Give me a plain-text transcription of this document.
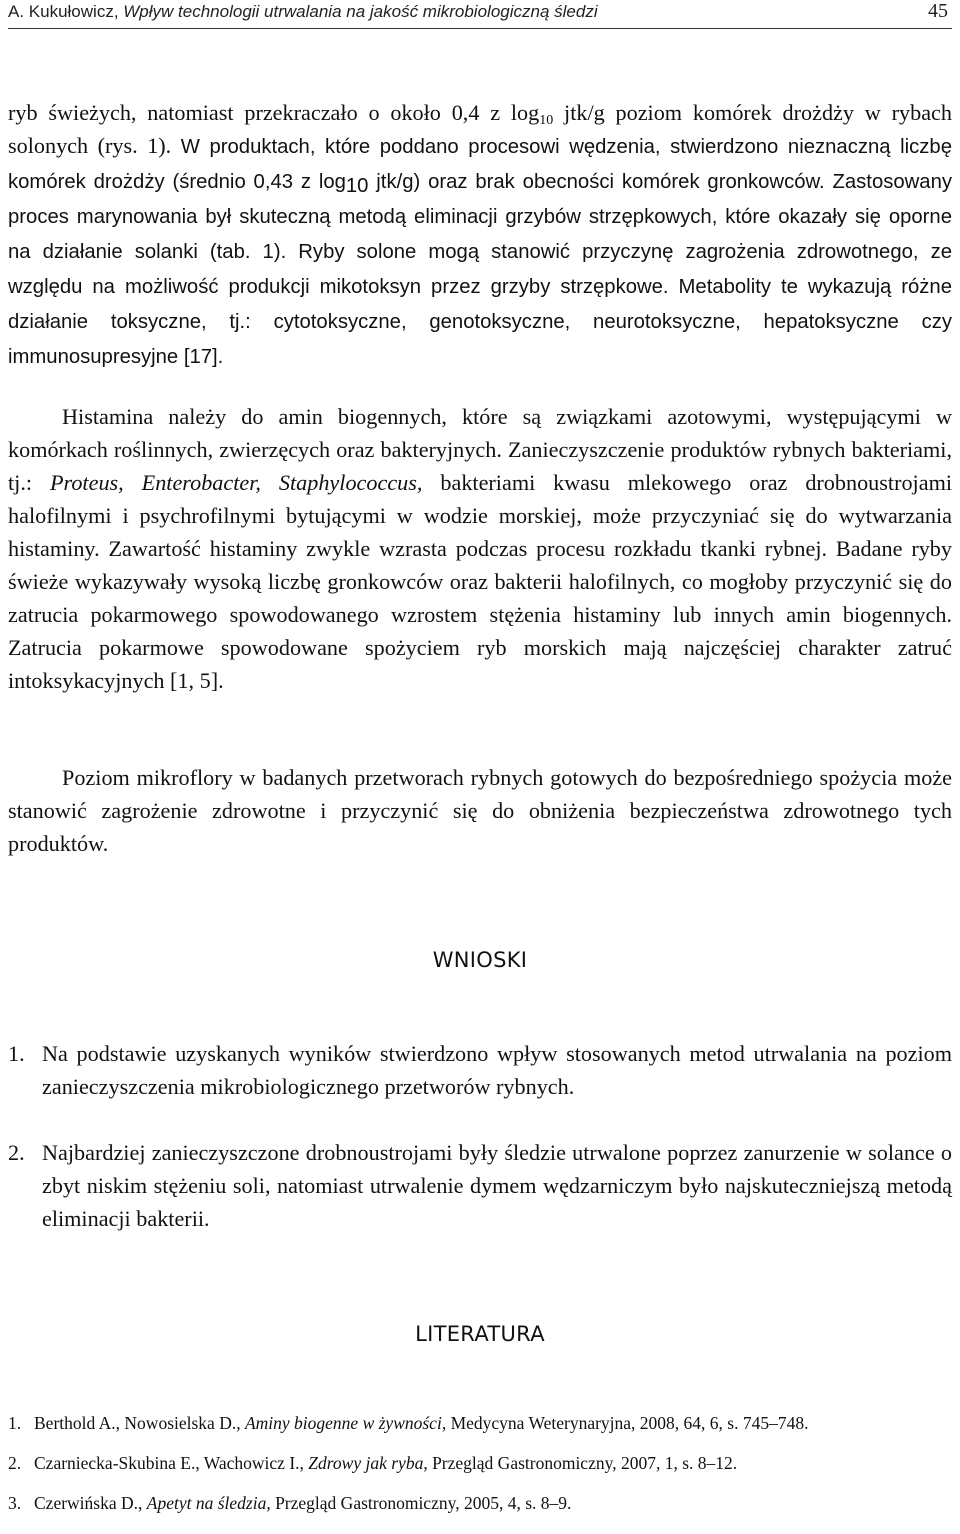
A. Kukułowicz, Wpływ technologii utrwalania na jakość mikrobiologiczną śledzi	45

ryb świeżych, natomiast przekraczało o około 0,4 z $\log_{10} jtk/g$ poziom komórek drożdży w rybach solonych (rys. 1). W produktach, które poddano procesowi wędzenia, stwierdzono nieznaczną liczbę komórek drożdży (średnio 0,43 z $\log_{10} jtk/g$) oraz brak obecności komórek gronkowców. Zastosowany proces marynowania był skuteczną metodą eliminacji grzybów strzępkowych, które okazały się oporne na działanie solanki (tab. 1). Ryby solone mogą stanowić przyczynę zagrożenia zdrowotnego, ze względu na możliwość produkcji mikotoksyn przez grzyby strzępkowe. Metabolity te wykazują różne działanie toksyczne, tj.: cytotoksyczne, genotoksyczne, neurotoksyczne, hepatoksyczne czy immunosupresyjne [17].

Histamina należy do amin biogennych, które są związkami azotowymi, występującymi w komórkach roślinnych, zwierzęcych oraz bakteryjnych. Zanieczyszczenie produktów rybnych bakteriami, tj.: Proteus, Enterobacter, Staphylococcus, bakteriami kwasu mlekowego oraz drobnoustrojami halofilnymi i psychrofilnymi bytującymi w wodzie morskiej, może przyczyniać się do wytwarzania histaminy. Zawartość histaminy zwykle wzrasta podczas procesu rozkładu tkanki rybnej. Badane ryby świeże wykazywały wysoką liczbę gronkowców oraz bakterii halofilnych, co mogłoby przyczynić się do zatrucia pokarmowego spowodowanego wzrostem stężenia histaminy lub innych amin biogennych. Zatrucia pokarmowe spowodowane spożyciem ryb morskich mają najczęściej charakter zatruć intoksykacyjnych [1, 5].

Poziom mikroflory w badanych przetworach rybnych gotowych do bezpośredniego spożycia może stanowić zagrożenie zdrowotne i przyczynić się do obniżenia bezpieczeństwa zdrowotnego tych produktów.

WNIOSKI
1. Na podstawie uzyskanych wyników stwierdzono wpływ stosowanych metod utrwalania na poziom zanieczyszczenia mikrobiologicznego przetworów rybnych.
2. Najbardziej zanieczyszczone drobnoustrojami były śledzie utrwalone poprzez zanurzenie w solance o zbyt niskim stężeniu soli, natomiast utrwalenie dymem wędzarniczym było najskuteczniejszą metodą eliminacji bakterii.
LITERATURA
1. Berthold A., Nowosielska D., Aminy biogenne w żywności, Medycyna Weterynaryjna, 2008, 64, 6, s. 745–748.
2. Czarniecka-Skubina E., Wachowicz I., Zdrowy jak ryba, Przegląd Gastronomiczny, 2007, 1, s. 8–12.
3. Czerwińska D., Apetyt na śledzia, Przegląd Gastronomiczny, 2005, 4, s. 8–9.
